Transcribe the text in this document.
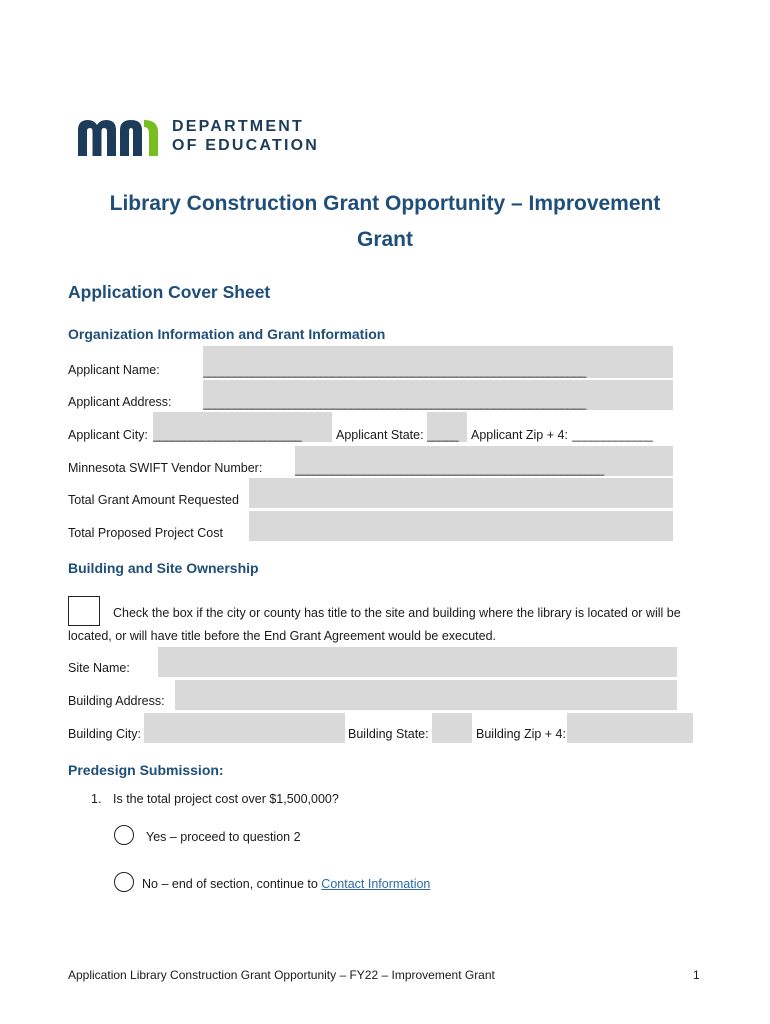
DEPARTMENT
OF EDUCATION
Library Construction Grant Opportunity – Improvement
Grant
Application Cover Sheet
Organization Information and Grant Information
Applicant Name:	______________________________________________________________
Applicant Address:	______________________________________________________________
Applicant City: ________________________	Applicant State: _____	Applicant Zip + 4: _____________
Minnesota SWIFT Vendor Number:	__________________________________________________
Total Grant Amount Requested
Total Proposed Project Cost
Building and Site Ownership
Check the box if the city or county has title to the site and building where the library is located or will be
located, or will have title before the End Grant Agreement would be executed.
Site Name:
Building Address:
Building City:	Building State:	Building Zip + 4:
Predesign Submission:
1. Is the total project cost over $1,500,000?
Yes – proceed to question 2
No – end of section, continue to Contact Information
Application Library Construction Grant Opportunity – FY22 – Improvement Grant	1
